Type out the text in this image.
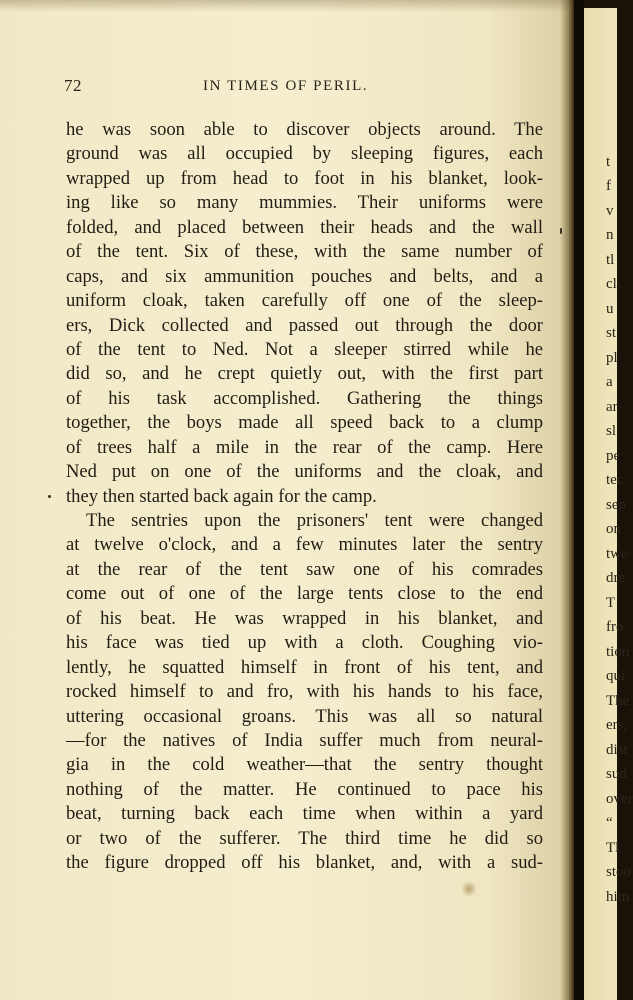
72	IN TIMES OF PERIL.
he was soon able to discover objects around. The
ground was all occupied by sleeping figures, each
wrapped up from head to foot in his blanket, look-
ing like so many mummies. Their uniforms were
folded, and placed between their heads and the wall
of the tent. Six of these, with the same number of
caps, and six ammunition pouches and belts, and a
uniform cloak, taken carefully off one of the sleep-
ers, Dick collected and passed out through the door
of the tent to Ned. Not a sleeper stirred while he
did so, and he crept quietly out, with the first part
of his task accomplished. Gathering the things
together, the boys made all speed back to a clump
of trees half a mile in the rear of the camp. Here
Ned put on one of the uniforms and the cloak, and
they then started back again for the camp.
The sentries upon the prisoners' tent were changed
at twelve o'clock, and a few minutes later the sentry
at the rear of the tent saw one of his comrades
come out of one of the large tents close to the end
of his beat. He was wrapped in his blanket, and
his face was tied up with a cloth. Coughing vio-
lently, he squatted himself in front of his tent, and
rocked himself to and fro, with his hands to his face,
uttering occasional groans. This was all so natural
—for the natives of India suffer much from neural-
gia in the cold weather—that the sentry thought
nothing of the matter. He continued to pace his
beat, turning back each time when within a yard
or two of the sufferer. The third time he did so
the figure dropped off his blanket, and, with a sud-
t
f
v
n
tl
cl
u
st
pl
a
ar
sl
pe
tec
sen
on
twe
dre
T
fro
tion
qui
The
ers,
dist
sud
over
“
Tl
stoo
him
